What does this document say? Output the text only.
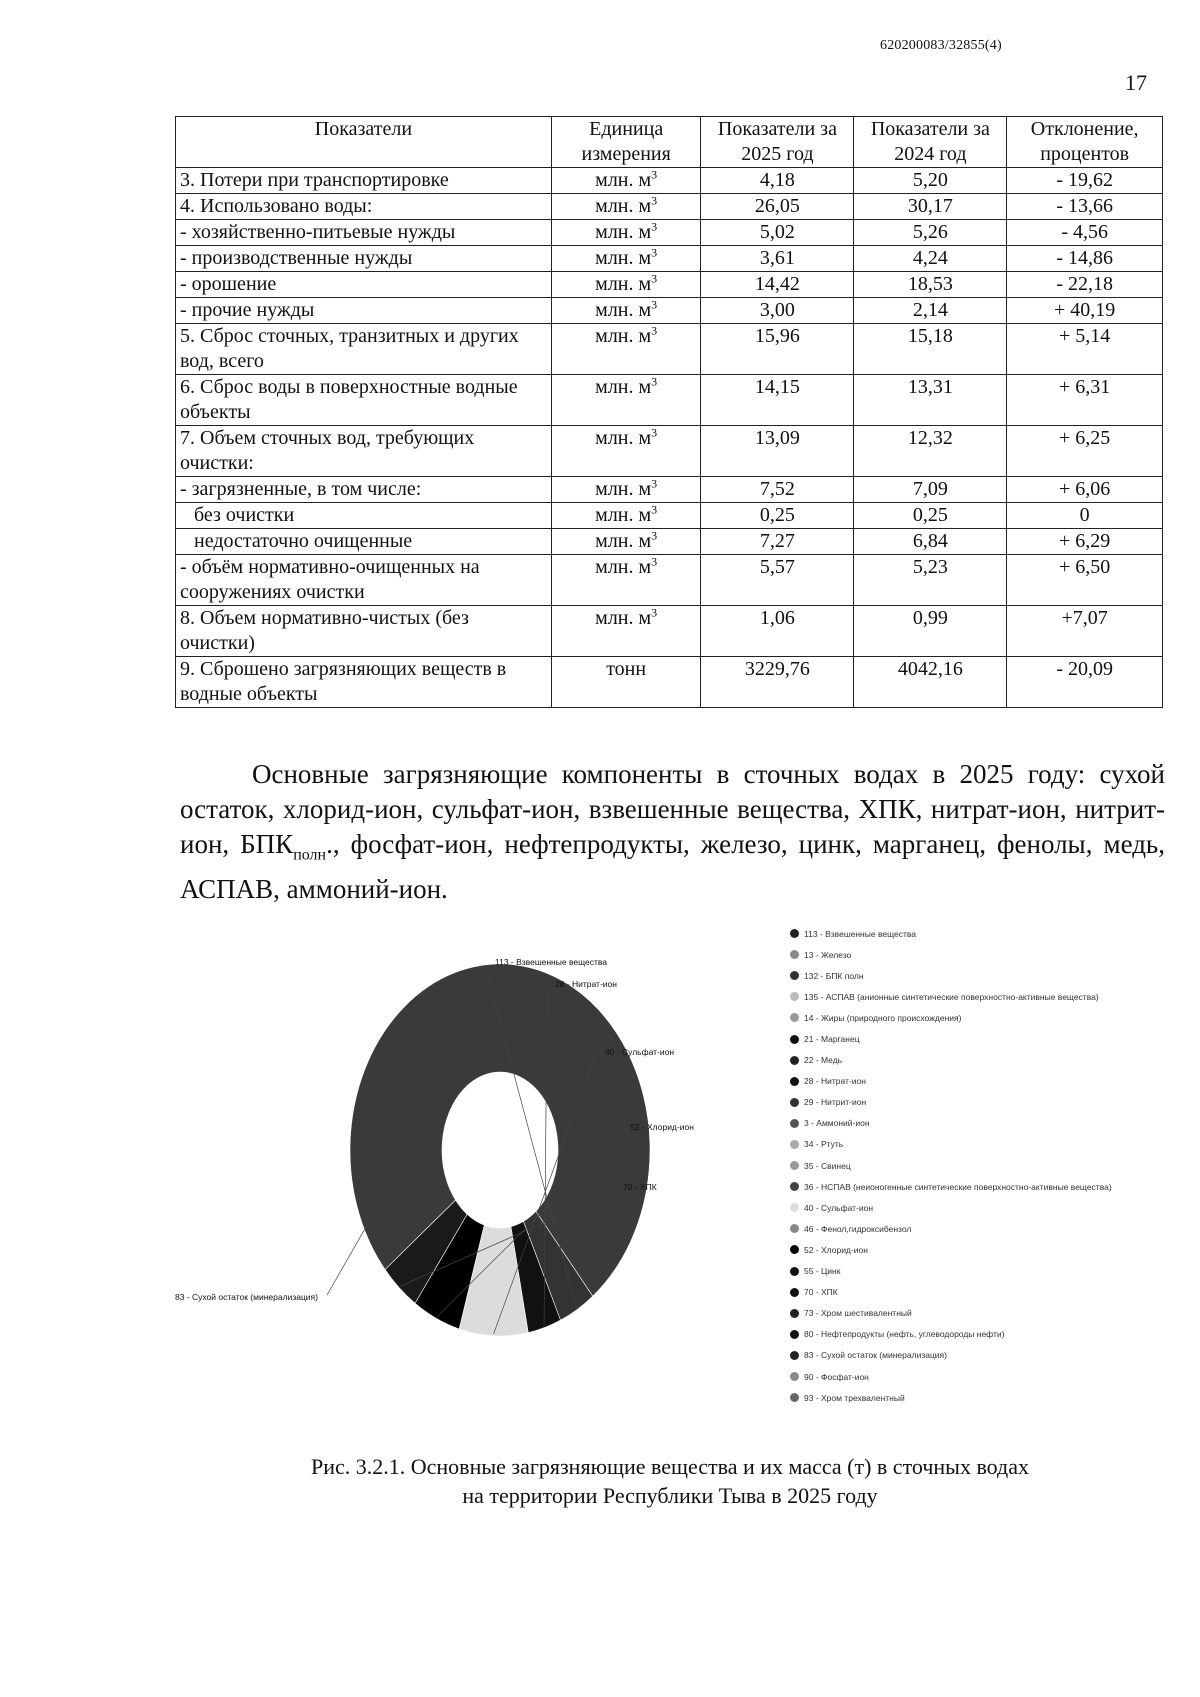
620200083/32855(4)
17
Показатели	Единица измерения	Показатели за 2025 год	Показатели за 2024 год	Отклонение, процентов
3. Потери при транспортировке	млн. $м^3$	4,18	5,20	- 19,62
4. Использовано воды:	млн. $м^3$	26,05	30,17	- 13,66
- хозяйственно-питьевые нужды	млн. $м^3$	5,02	5,26	- 4,56
- производственные нужды	млн. $м^3$	3,61	4,24	- 14,86
- орошение	млн. $м^3$	14,42	18,53	- 22,18
- прочие нужды	млн. $м^3$	3,00	2,14	+ 40,19
5. Сброс сточных, транзитных и других вод, всего	млн. $м^3$	15,96	15,18	+ 5,14
6. Сброс воды в поверхностные водные объекты	млн. $м^3$	14,15	13,31	+ 6,31
7. Объем сточных вод, требующих очистки:	млн. $м^3$	13,09	12,32	+ 6,25
- загрязненные, в том числе:	млн. $м^3$	7,52	7,09	+ 6,06
без очистки	млн. $м^3$	0,25	0,25	0
недостаточно очищенные	млн. $м^3$	7,27	6,84	+ 6,29
- объём нормативно-очищенных на сооружениях очистки	млн. $м^3$	5,57	5,23	+ 6,50
8. Объем нормативно-чистых (без очистки)	млн. $м^3$	1,06	0,99	+7,07
9. Сброшено загрязняющих веществ в водные объекты	тонн	3229,76	4042,16	- 20,09

Основные загрязняющие компоненты в сточных водах в 2025 году: сухой остаток, хлорид-ион, сульфат-ион, взвешенные вещества, ХПК, нитрат-ион, нитрит-ион, $БПК_{полн}$., фосфат-ион, нефтепродукты, железо, цинк, марганец, фенолы, медь, АСПАВ, аммоний-ион.

113 - Взвешенные вещества
28 - Нитрат-ион
40 - Сульфат-ион
52 - Хлорид-ион
70 - ХПК
83 - Сухой остаток (минерализация)
113 - Взвешенные вещества
13 - Железо
132 - БПК полн
135 - АСПАВ (анионные синтетические поверхностно-активные вещества)
14 - Жиры (природного происхождения)
21 - Марганец
22 - Медь
28 - Нитрат-ион
29 - Нитрит-ион
3 - Аммоний-ион
34 - Ртуть
35 - Свинец
36 - НСПАВ (неионогенные синтетические поверхностно-активные вещества)
40 - Сульфат-ион
46 - Фенол,гидроксибензол
52 - Хлорид-ион
55 - Цинк
70 - ХПК
73 - Хром шестивалентный
80 - Нефтепродукты (нефть, углеводороды нефти)
83 - Сухой остаток (минерализация)
90 - Фосфат-ион
93 - Хром трехвалентный
Рис. 3.2.1. Основные загрязняющие вещества и их масса (т) в сточных водах
на территории Республики Тыва в 2025 году
